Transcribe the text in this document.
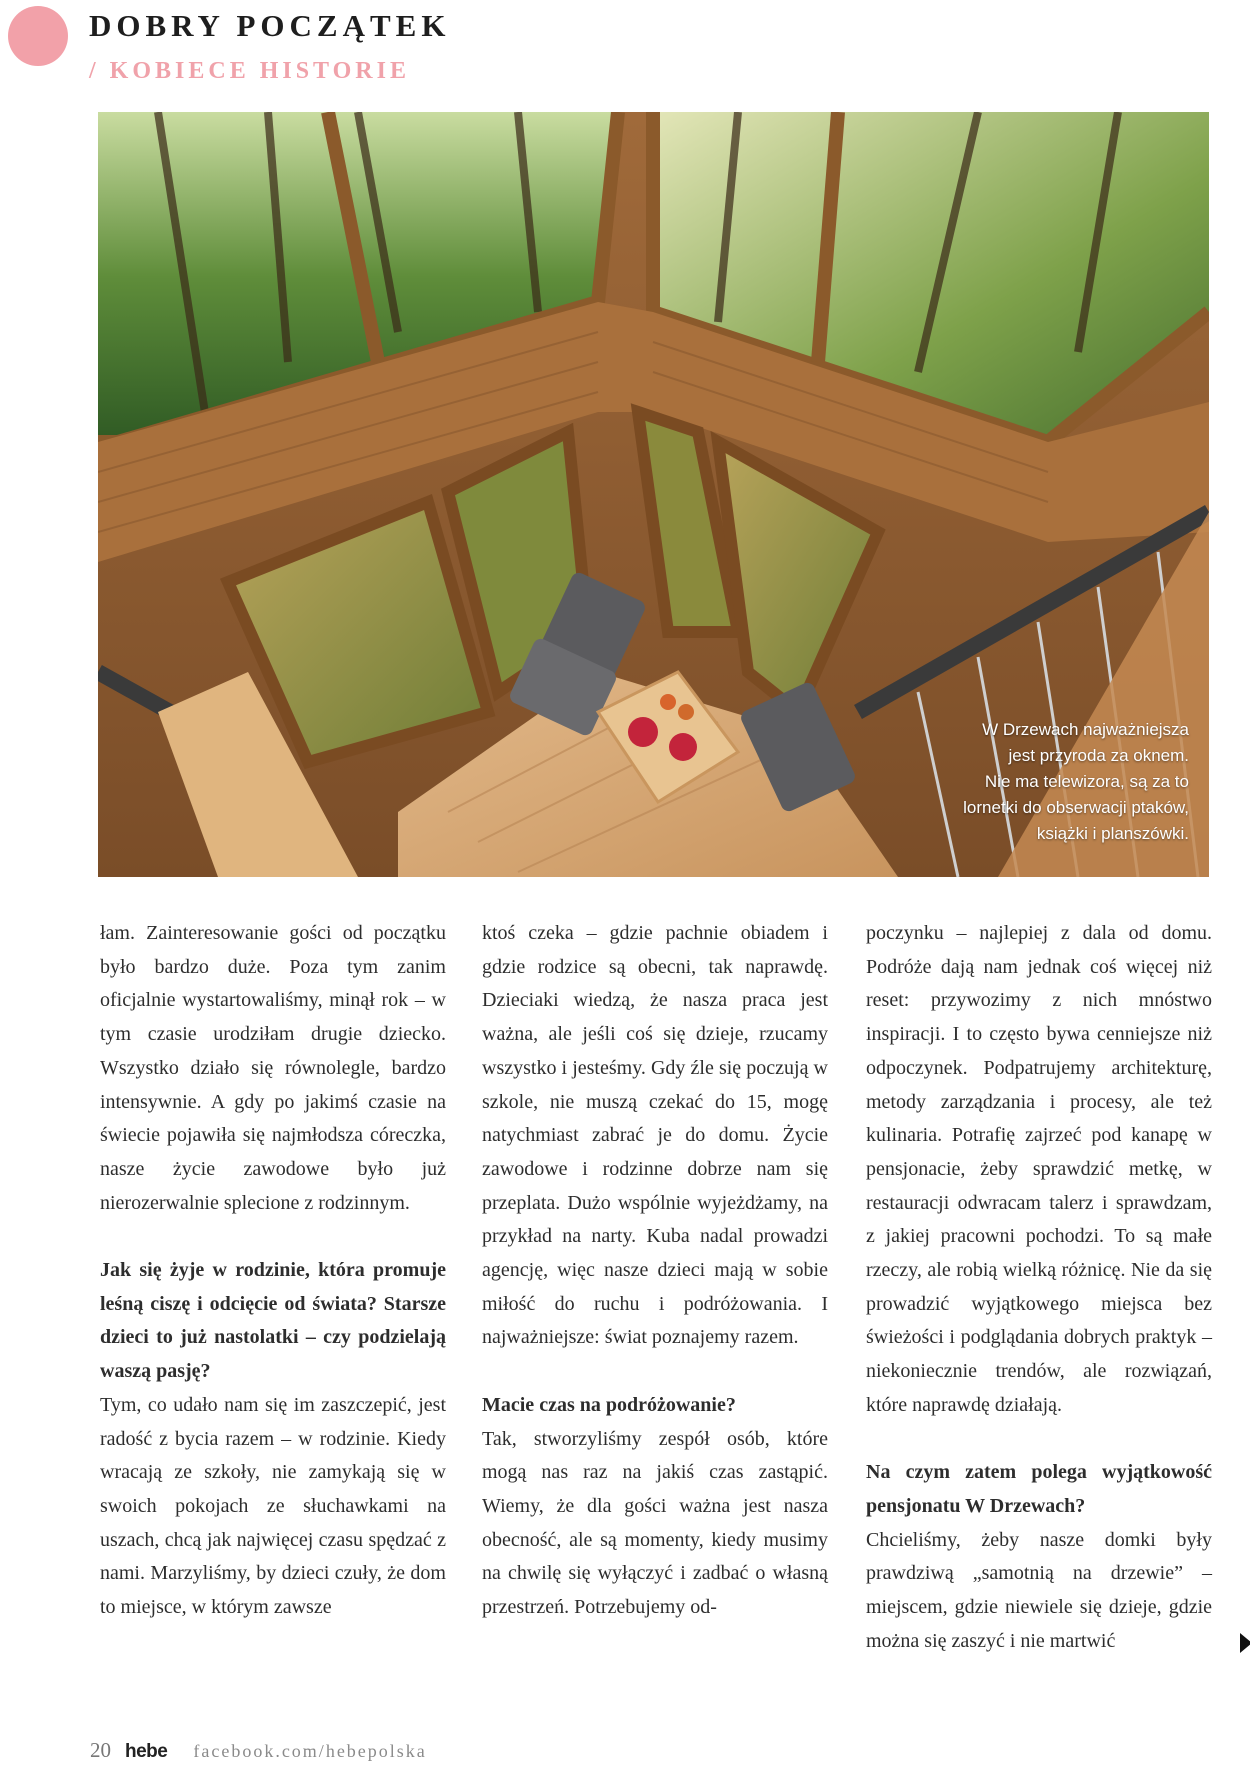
DOBRY POCZĄTEK
/ KOBIECE HISTORIE

W Drzewach najważniejsza
jest przyroda za oknem.
Nie ma telewizora, są za to
lornetki do obserwacji ptaków,
książki i planszówki.

łam. Zainteresowanie gości od początku było bardzo duże. Poza tym zanim oficjalnie wystartowaliśmy, minął rok – w tym czasie urodziłam drugie dziecko. Wszystko działo się równolegle, bardzo intensywnie. A gdy po jakimś czasie na świecie pojawiła się najmłodsza córeczka, nasze życie zawodowe było już nierozerwalnie splecione z rodzinnym.

Jak się żyje w rodzinie, która promuje leśną ciszę i odcięcie od świata? Starsze dzieci to już nastolatki – czy podzielają waszą pasję?

Tym, co udało nam się im zaszczepić, jest radość z bycia razem – w rodzinie. Kiedy wracają ze szkoły, nie zamykają się w swoich pokojach ze słuchawkami na uszach, chcą jak najwięcej czasu spędzać z nami. Marzyliśmy, by dzieci czuły, że dom to miejsce, w którym zawsze

ktoś czeka – gdzie pachnie obiadem i gdzie rodzice są obecni, tak naprawdę. Dzieciaki wiedzą, że nasza praca jest ważna, ale jeśli coś się dzieje, rzucamy wszystko i jesteśmy. Gdy źle się poczują w szkole, nie muszą czekać do 15, mogę natychmiast zabrać je do domu. Życie zawodowe i rodzinne dobrze nam się przeplata. Dużo wspólnie wyjeżdżamy, na przykład na narty. Kuba nadal prowadzi agencję, więc nasze dzieci mają w sobie miłość do ruchu i podróżowania. I najważniejsze: świat poznajemy razem.

Macie czas na podróżowanie?

Tak, stworzyliśmy zespół osób, które mogą nas raz na jakiś czas zastąpić. Wiemy, że dla gości ważna jest nasza obecność, ale są momenty, kiedy musimy na chwilę się wyłączyć i zadbać o własną przestrzeń. Potrzebujemy od-

poczynku – najlepiej z dala od domu. Podróże dają nam jednak coś więcej niż reset: przywozimy z nich mnóstwo inspiracji. I to często bywa cenniejsze niż odpoczynek. Podpatrujemy architekturę, metody zarządzania i procesy, ale też kulinaria. Potrafię zajrzeć pod kanapę w pensjonacie, żeby sprawdzić metkę, w restauracji odwracam talerz i sprawdzam, z jakiej pracowni pochodzi. To są małe rzeczy, ale robią wielką różnicę. Nie da się prowadzić wyjątkowego miejsca bez świeżości i podglądania dobrych praktyk – niekoniecznie trendów, ale rozwiązań, które naprawdę działają.

Na czym zatem polega wyjątkowość pensjonatu W Drzewach?

Chcieliśmy, żeby nasze domki były prawdziwą „samotnią na drzewie” – miejscem, gdzie niewiele się dzieje, gdzie można się zaszyć i nie martwić

20 hebe facebook.com/hebepolska
